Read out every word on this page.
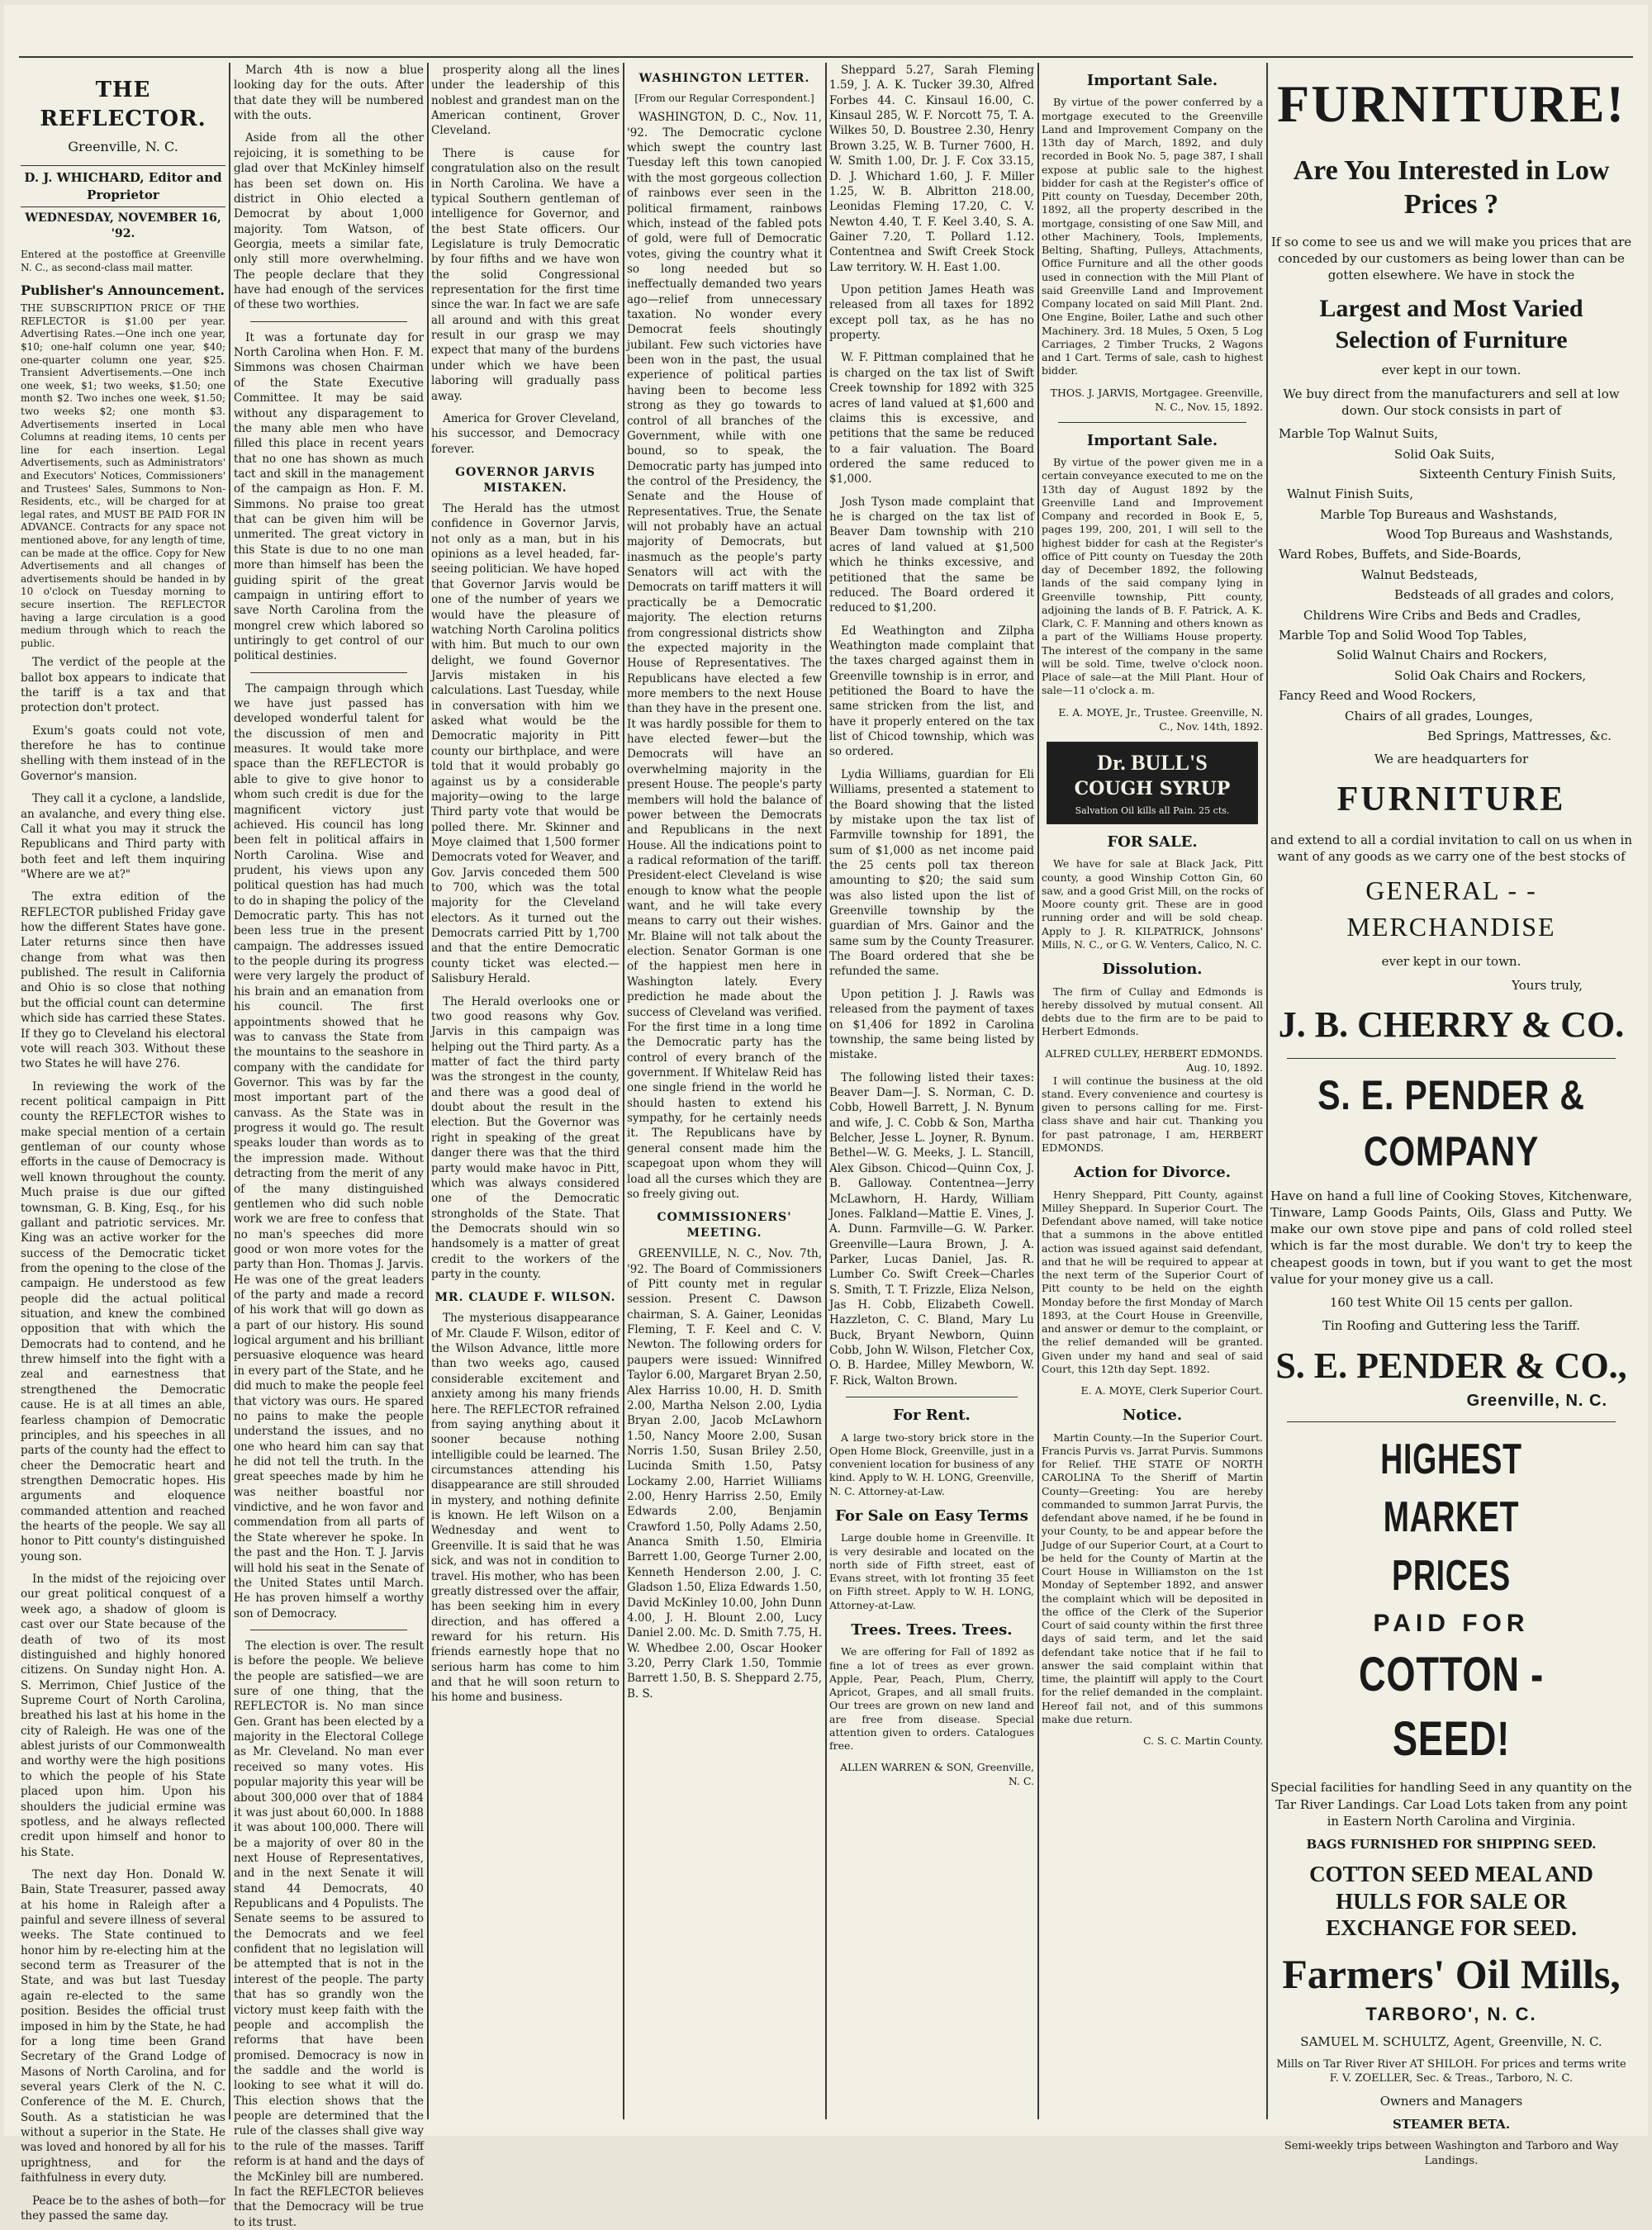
THE REFLECTOR.
Greenville, N. C.
D. J. WHICHARD, Editor and Proprietor
WEDNESDAY, NOVEMBER 16, '92.

Entered at the postoffice at Greenville N. C., as second-class mail matter.

Publisher's Announcement.

THE SUBSCRIPTION PRICE OF THE REFLECTOR is $1.00 per year. Advertising Rates.—One inch one year, $10; one-half column one year, $40; one-quarter column one year, $25. Transient Advertisements.—One inch one week, $1; two weeks, $1.50; one month $2. Two inches one week, $1.50; two weeks $2; one month $3. Advertisements inserted in Local Columns at reading items, 10 cents per line for each insertion. Legal Advertisements, such as Administrators' and Executors' Notices, Commissioners' and Trustees' Sales, Summons to Non-Residents, etc., will be charged for at legal rates, and MUST BE PAID FOR IN ADVANCE. Contracts for any space not mentioned above, for any length of time, can be made at the office. Copy for New Advertisements and all changes of advertisements should be handed in by 10 o'clock on Tuesday morning to secure insertion. The REFLECTOR having a large circulation is a good medium through which to reach the public.

The verdict of the people at the ballot box appears to indicate that the tariff is a tax and that protection don't protect.

Exum's goats could not vote, therefore he has to continue shelling with them instead of in the Governor's mansion.

They call it a cyclone, a landslide, an avalanche, and every thing else. Call it what you may it struck the Republicans and Third party with both feet and left them inquiring "Where are we at?"

The extra edition of the REFLECTOR published Friday gave how the different States have gone. Later returns since then have change from what was then published. The result in California and Ohio is so close that nothing but the official count can determine which side has carried these States. If they go to Cleveland his electoral vote will reach 303. Without these two States he will have 276.

In reviewing the work of the recent political campaign in Pitt county the REFLECTOR wishes to make special mention of a certain gentleman of our county whose efforts in the cause of Democracy is well known throughout the county. Much praise is due our gifted townsman, G. B. King, Esq., for his gallant and patriotic services. Mr. King was an active worker for the success of the Democratic ticket from the opening to the close of the campaign. He understood as few people did the actual political situation, and knew the combined opposition that with which the Democrats had to contend, and he threw himself into the fight with a zeal and earnestness that strengthened the Democratic cause. He is at all times an able, fearless champion of Democratic principles, and his speeches in all parts of the county had the effect to cheer the Democratic heart and strengthen Democratic hopes. His arguments and eloquence commanded attention and reached the hearts of the people. We say all honor to Pitt county's distinguished young son.

In the midst of the rejoicing over our great political conquest of a week ago, a shadow of gloom is cast over our State because of the death of two of its most distinguished and highly honored citizens. On Sunday night Hon. A. S. Merrimon, Chief Justice of the Supreme Court of North Carolina, breathed his last at his home in the city of Raleigh. He was one of the ablest jurists of our Commonwealth and worthy were the high positions to which the people of his State placed upon him. Upon his shoulders the judicial ermine was spotless, and he always reflected credit upon himself and honor to his State.

The next day Hon. Donald W. Bain, State Treasurer, passed away at his home in Raleigh after a painful and severe illness of several weeks. The State continued to honor him by re-electing him at the second term as Treasurer of the State, and was but last Tuesday again re-elected to the same position. Besides the official trust imposed in him by the State, he had for a long time been Grand Secretary of the Grand Lodge of Masons of North Carolina, and for several years Clerk of the N. C. Conference of the M. E. Church, South. As a statistician he was without a superior in the State. He was loved and honored by all for his uprightness, and for the faithfulness in every duty.

Peace be to the ashes of both—for they passed the same day.

March 4th is now a blue looking day for the outs. After that date they will be numbered with the outs.

Aside from all the other rejoicing, it is something to be glad over that McKinley himself has been set down on. His district in Ohio elected a Democrat by about 1,000 majority. Tom Watson, of Georgia, meets a similar fate, only still more overwhelming. The people declare that they have had enough of the services of these two worthies.

It was a fortunate day for North Carolina when Hon. F. M. Simmons was chosen Chairman of the State Executive Committee. It may be said without any disparagement to the many able men who have filled this place in recent years that no one has shown as much tact and skill in the management of the campaign as Hon. F. M. Simmons. No praise too great that can be given him will be unmerited. The great victory in this State is due to no one man more than himself has been the guiding spirit of the great campaign in untiring effort to save North Carolina from the mongrel crew which labored so untiringly to get control of our political destinies.

The campaign through which we have just passed has developed wonderful talent for the discussion of men and measures. It would take more space than the REFLECTOR is able to give to give honor to whom such credit is due for the magnificent victory just achieved. His council has long been felt in political affairs in North Carolina. Wise and prudent, his views upon any political question has had much to do in shaping the policy of the Democratic party. This has not been less true in the present campaign. The addresses issued to the people during its progress were very largely the product of his brain and an emanation from his council. The first appointments showed that he was to canvass the State from the mountains to the seashore in company with the candidate for Governor. This was by far the most important part of the canvass. As the State was in progress it would go. The result speaks louder than words as to the impression made. Without detracting from the merit of any of the many distinguished gentlemen who did such noble work we are free to confess that no man's speeches did more good or won more votes for the party than Hon. Thomas J. Jarvis. He was one of the great leaders of the party and made a record of his work that will go down as a part of our history. His sound logical argument and his brilliant persuasive eloquence was heard in every part of the State, and he did much to make the people feel that victory was ours. He spared no pains to make the people understand the issues, and no one who heard him can say that he did not tell the truth. In the great speeches made by him he was neither boastful nor vindictive, and he won favor and commendation from all parts of the State wherever he spoke. In the past and the Hon. T. J. Jarvis will hold his seat in the Senate of the United States until March. He has proven himself a worthy son of Democracy.

The election is over. The result is before the people. We believe the people are satisfied—we are sure of one thing, that the REFLECTOR is. No man since Gen. Grant has been elected by a majority in the Electoral College as Mr. Cleveland. No man ever received so many votes. His popular majority this year will be about 300,000 over that of 1884 it was just about 60,000. In 1888 it was about 100,000. There will be a majority of over 80 in the next House of Representatives, and in the next Senate it will stand 44 Democrats, 40 Republicans and 4 Populists. The Senate seems to be assured to the Democrats and we feel confident that no legislation will be attempted that is not in the interest of the people. The party that has so grandly won the victory must keep faith with the people and accomplish the reforms that have been promised. Democracy is now in the saddle and the world is looking to see what it will do. This election shows that the people are determined that the rule of the classes shall give way to the rule of the masses. Tariff reform is at hand and the days of the McKinley bill are numbered. In fact the REFLECTOR believes that the Democracy will be true to its trust.

prosperity along all the lines under the leadership of this noblest and grandest man on the American continent, Grover Cleveland.

There is cause for congratulation also on the result in North Carolina. We have a typical Southern gentleman of intelligence for Governor, and the best State officers. Our Legislature is truly Democratic by four fifths and we have won the solid Congressional representation for the first time since the war. In fact we are safe all around and with this great result in our grasp we may expect that many of the burdens under which we have been laboring will gradually pass away.

America for Grover Cleveland, his successor, and Democracy forever.

GOVERNOR JARVIS MISTAKEN.

The Herald has the utmost confidence in Governor Jarvis, not only as a man, but in his opinions as a level headed, far-seeing politician. We have hoped that Governor Jarvis would be one of the number of years we would have the pleasure of watching North Carolina politics with him. But much to our own delight, we found Governor Jarvis mistaken in his calculations. Last Tuesday, while in conversation with him we asked what would be the Democratic majority in Pitt county our birthplace, and were told that it would probably go against us by a considerable majority—owing to the large Third party vote that would be polled there. Mr. Skinner and Moye claimed that 1,500 former Democrats voted for Weaver, and Gov. Jarvis conceded them 500 to 700, which was the total majority for the Cleveland electors. As it turned out the Democrats carried Pitt by 1,700 and that the entire Democratic county ticket was elected.—Salisbury Herald.

The Herald overlooks one or two good reasons why Gov. Jarvis in this campaign was helping out the Third party. As a matter of fact the third party was the strongest in the county, and there was a good deal of doubt about the result in the election. But the Governor was right in speaking of the great danger there was that the third party would make havoc in Pitt, which was always considered one of the Democratic strongholds of the State. That the Democrats should win so handsomely is a matter of great credit to the workers of the party in the county.

MR. CLAUDE F. WILSON.

The mysterious disappearance of Mr. Claude F. Wilson, editor of the Wilson Advance, little more than two weeks ago, caused considerable excitement and anxiety among his many friends here. The REFLECTOR refrained from saying anything about it sooner because nothing intelligible could be learned. The circumstances attending his disappearance are still shrouded in mystery, and nothing definite is known. He left Wilson on a Wednesday and went to Greenville. It is said that he was sick, and was not in condition to travel. His mother, who has been greatly distressed over the affair, has been seeking him in every direction, and has offered a reward for his return. His friends earnestly hope that no serious harm has come to him and that he will soon return to his home and business.

WASHINGTON LETTER.
[From our Regular Correspondent.]

WASHINGTON, D. C., Nov. 11, '92. The Democratic cyclone which swept the country last Tuesday left this town canopied with the most gorgeous collection of rainbows ever seen in the political firmament, rainbows which, instead of the fabled pots of gold, were full of Democratic votes, giving the country what it so long needed but so ineffectually demanded two years ago—relief from unnecessary taxation. No wonder every Democrat feels shoutingly jubilant. Few such victories have been won in the past, the usual experience of political parties having been to become less strong as they go towards to control of all branches of the Government, while with one bound, so to speak, the Democratic party has jumped into the control of the Presidency, the Senate and the House of Representatives. True, the Senate will not probably have an actual majority of Democrats, but inasmuch as the people's party Senators will act with the Democrats on tariff matters it will practically be a Democratic majority. The election returns from congressional districts show the expected majority in the House of Representatives. The Republicans have elected a few more members to the next House than they have in the present one. It was hardly possible for them to have elected fewer—but the Democrats will have an overwhelming majority in the present House. The people's party members will hold the balance of power between the Democrats and Republicans in the next House. All the indications point to a radical reformation of the tariff. President-elect Cleveland is wise enough to know what the people want, and he will take every means to carry out their wishes. Mr. Blaine will not talk about the election. Senator Gorman is one of the happiest men here in Washington lately. Every prediction he made about the success of Cleveland was verified. For the first time in a long time the Democratic party has the control of every branch of the government. If Whitelaw Reid has one single friend in the world he should hasten to extend his sympathy, for he certainly needs it. The Republicans have by general consent made him the scapegoat upon whom they will load all the curses which they are so freely giving out.

COMMISSIONERS' MEETING.

GREENVILLE, N. C., Nov. 7th, '92. The Board of Commissioners of Pitt county met in regular session. Present C. Dawson chairman, S. A. Gainer, Leonidas Fleming, T. F. Keel and C. V. Newton. The following orders for paupers were issued: Winnifred Taylor 6.00, Margaret Bryan 2.50, Alex Harriss 10.00, H. D. Smith 2.00, Martha Nelson 2.00, Lydia Bryan 2.00, Jacob McLawhorn 1.50, Nancy Moore 2.00, Susan Norris 1.50, Susan Briley 2.50, Lucinda Smith 1.50, Patsy Lockamy 2.00, Harriet Williams 2.00, Henry Harriss 2.50, Emily Edwards 2.00, Benjamin Crawford 1.50, Polly Adams 2.50, Ananca Smith 1.50, Elmiria Barrett 1.00, George Turner 2.00, Kenneth Henderson 2.00, J. C. Gladson 1.50, Eliza Edwards 1.50, David McKinley 10.00, John Dunn 4.00, J. H. Blount 2.00, Lucy Daniel 2.00. Mc. D. Smith 7.75, H. W. Whedbee 2.00, Oscar Hooker 3.20, Perry Clark 1.50, Tommie Barrett 1.50, B. S. Sheppard 2.75, B. S.

Sheppard 5.27, Sarah Fleming 1.59, J. A. K. Tucker 39.30, Alfred Forbes 44. C. Kinsaul 16.00, C. Kinsaul 285, W. F. Norcott 75, T. A. Wilkes 50, D. Boustree 2.30, Henry Brown 3.25, W. B. Turner 7600, H. W. Smith 1.00, Dr. J. F. Cox 33.15, D. J. Whichard 1.60, J. F. Miller 1.25, W. B. Albritton 218.00, Leonidas Fleming 17.20, C. V. Newton 4.40, T. F. Keel 3.40, S. A. Gainer 7.20, T. Pollard 1.12. Contentnea and Swift Creek Stock Law territory. W. H. East 1.00.

Upon petition James Heath was released from all taxes for 1892 except poll tax, as he has no property.

W. F. Pittman complained that he is charged on the tax list of Swift Creek township for 1892 with 325 acres of land valued at $1,600 and claims this is excessive, and petitions that the same be reduced to a fair valuation. The Board ordered the same reduced to $1,000.

Josh Tyson made complaint that he is charged on the tax list of Beaver Dam township with 210 acres of land valued at $1,500 which he thinks excessive, and petitioned that the same be reduced. The Board ordered it reduced to $1,200.

Ed Weathington and Zilpha Weathington made complaint that the taxes charged against them in Greenville township is in error, and petitioned the Board to have the same stricken from the list, and have it properly entered on the tax list of Chicod township, which was so ordered.

Lydia Williams, guardian for Eli Williams, presented a statement to the Board showing that the listed by mistake upon the tax list of Farmville township for 1891, the sum of $1,000 as net income paid the 25 cents poll tax thereon amounting to $20; the said sum was also listed upon the list of Greenville township by the guardian of Mrs. Gainor and the same sum by the County Treasurer. The Board ordered that she be refunded the same.

Upon petition J. J. Rawls was released from the payment of taxes on $1,406 for 1892 in Carolina township, the same being listed by mistake.

The following listed their taxes: Beaver Dam—J. S. Norman, C. D. Cobb, Howell Barrett, J. N. Bynum and wife, J. C. Cobb & Son, Martha Belcher, Jesse L. Joyner, R. Bynum. Bethel—W. G. Meeks, J. L. Stancill, Alex Gibson. Chicod—Quinn Cox, J. B. Galloway. Contentnea—Jerry McLawhorn, H. Hardy, William Jones. Falkland—Mattie E. Vines, J. A. Dunn. Farmville—G. W. Parker. Greenville—Laura Brown, J. A. Parker, Lucas Daniel, Jas. R. Lumber Co. Swift Creek—Charles S. Smith, T. T. Frizzle, Eliza Nelson, Jas H. Cobb, Elizabeth Cowell. Hazzleton, C. C. Bland, Mary Lu Buck, Bryant Newborn, Quinn Cobb, John W. Wilson, Fletcher Cox, O. B. Hardee, Milley Mewborn, W. F. Rick, Walton Brown.

For Rent.

A large two-story brick store in the Open Home Block, Greenville, just in a convenient location for business of any kind. Apply to W. H. LONG, Greenville, N. C. Attorney-at-Law.

For Sale on Easy Terms

Large double home in Greenville. It is very desirable and located on the north side of Fifth street, east of Evans street, with lot fronting 35 feet on Fifth street. Apply to W. H. LONG, Attorney-at-Law.

Trees. Trees. Trees.

We are offering for Fall of 1892 as fine a lot of trees as ever grown. Apple, Pear, Peach, Plum, Cherry, Apricot, Grapes, and all small fruits. Our trees are grown on new land and are free from disease. Special attention given to orders. Catalogues free.

ALLEN WARREN & SON, Greenville, N. C.
Important Sale.

By virtue of the power conferred by a mortgage executed to the Greenville Land and Improvement Company on the 13th day of March, 1892, and duly recorded in Book No. 5, page 387, I shall expose at public sale to the highest bidder for cash at the Register's office of Pitt county on Tuesday, December 20th, 1892, all the property described in the mortgage, consisting of one Saw Mill, and other Machinery, Tools, Implements, Belting, Shafting, Pulleys, Attachments, Office Furniture and all the other goods used in connection with the Mill Plant of said Greenville Land and Improvement Company located on said Mill Plant. 2nd. One Engine, Boiler, Lathe and such other Machinery. 3rd. 18 Mules, 5 Oxen, 5 Log Carriages, 2 Timber Trucks, 2 Wagons and 1 Cart. Terms of sale, cash to highest bidder.

THOS. J. JARVIS, Mortgagee. Greenville, N. C., Nov. 15, 1892.
Important Sale.

By virtue of the power given me in a certain conveyance executed to me on the 13th day of August 1892 by the Greenville Land and Improvement Company and recorded in Book E, 5, pages 199, 200, 201, I will sell to the highest bidder for cash at the Register's office of Pitt county on Tuesday the 20th day of December 1892, the following lands of the said company lying in Greenville township, Pitt county, adjoining the lands of B. F. Patrick, A. K. Clark, C. F. Manning and others known as a part of the Williams House property. The interest of the company in the same will be sold. Time, twelve o'clock noon. Place of sale—at the Mill Plant. Hour of sale—11 o'clock a. m.

E. A. MOYE, Jr., Trustee. Greenville, N. C., Nov. 14th, 1892.
Dr. BULL'S
COUGH SYRUP
Salvation Oil kills all Pain. 25 cts.
FOR SALE.

We have for sale at Black Jack, Pitt county, a good Winship Cotton Gin, 60 saw, and a good Grist Mill, on the rocks of Moore county grit. These are in good running order and will be sold cheap. Apply to J. R. KILPATRICK, Johnsons' Mills, N. C., or G. W. Venters, Calico, N. C.

Dissolution.

The firm of Cullay and Edmonds is hereby dissolved by mutual consent. All debts due to the firm are to be paid to Herbert Edmonds.

ALFRED CULLEY, HERBERT EDMONDS. Aug. 10, 1892.

I will continue the business at the old stand. Every convenience and courtesy is given to persons calling for me. First-class shave and hair cut. Thanking you for past patronage, I am, HERBERT EDMONDS.

Action for Divorce.

Henry Sheppard, Pitt County, against Milley Sheppard. In Superior Court. The Defendant above named, will take notice that a summons in the above entitled action was issued against said defendant, and that he will be required to appear at the next term of the Superior Court of Pitt county to be held on the eighth Monday before the first Monday of March 1893, at the Court House in Greenville, and answer or demur to the complaint, or the relief demanded will be granted. Given under my hand and seal of said Court, this 12th day Sept. 1892.

E. A. MOYE, Clerk Superior Court.
Notice.

Martin County.—In the Superior Court. Francis Purvis vs. Jarrat Purvis. Summons for Relief. THE STATE OF NORTH CAROLINA To the Sheriff of Martin County—Greeting: You are hereby commanded to summon Jarrat Purvis, the defendant above named, if he be found in your County, to be and appear before the Judge of our Superior Court, at a Court to be held for the County of Martin at the Court House in Williamston on the 1st Monday of September 1892, and answer the complaint which will be deposited in the office of the Clerk of the Superior Court of said county within the first three days of said term, and let the said defendant take notice that if he fail to answer the said complaint within that time, the plaintiff will apply to the Court for the relief demanded in the complaint. Hereof fail not, and of this summons make due return.

C. S. C. Martin County.
FURNITURE!
Are You Interested in Low Prices ?
If so come to see us and we will make you prices that are conceded by our customers as being lower than can be gotten elsewhere. We have in stock the
Largest and Most Varied Selection of Furniture
ever kept in our town.
We buy direct from the manufacturers and sell at low down. Our stock consists in part of
Marble Top Walnut Suits,
Solid Oak Suits,
Sixteenth Century Finish Suits,
Walnut Finish Suits,
Marble Top Bureaus and Washstands,
Wood Top Bureaus and Washstands,
Ward Robes, Buffets, and Side-Boards,
Walnut Bedsteads,
Bedsteads of all grades and colors,
Childrens Wire Cribs and Beds and Cradles,
Marble Top and Solid Wood Top Tables,
Solid Walnut Chairs and Rockers,
Solid Oak Chairs and Rockers,
Fancy Reed and Wood Rockers,
Chairs of all grades, Lounges,
Bed Springs, Mattresses, &c.
We are headquarters for
FURNITURE
and extend to all a cordial invitation to call on us when in want of any goods as we carry one of the best stocks of
GENERAL - - MERCHANDISE
ever kept in our town.
Yours truly,
J. B. CHERRY & CO.
S. E. PENDER & COMPANY
Have on hand a full line of Cooking Stoves, Kitchenware, Tinware, Lamp Goods Paints, Oils, Glass and Putty. We make our own stove pipe and pans of cold rolled steel which is far the most durable. We don't try to keep the cheapest goods in town, but if you want to get the most value for your money give us a call.
160 test White Oil 15 cents per gallon.
Tin Roofing and Guttering less the Tariff.
S. E. PENDER & CO.,
Greenville, N. C.
HIGHEST MARKET PRICES
PAID FOR
COTTON - SEED!
Special facilities for handling Seed in any quantity on the Tar River Landings. Car Load Lots taken from any point in Eastern North Carolina and Virginia.
BAGS FURNISHED FOR SHIPPING SEED.
COTTON SEED MEAL AND HULLS FOR SALE OR EXCHANGE FOR SEED.
Farmers' Oil Mills,
TARBORO', N. C.
SAMUEL M. SCHULTZ, Agent, Greenville, N. C.
Mills on Tar River River AT SHILOH. For prices and terms write F. V. ZOELLER, Sec. & Treas., Tarboro, N. C.
Owners and Managers
STEAMER BETA.
Semi-weekly trips between Washington and Tarboro and Way Landings.
